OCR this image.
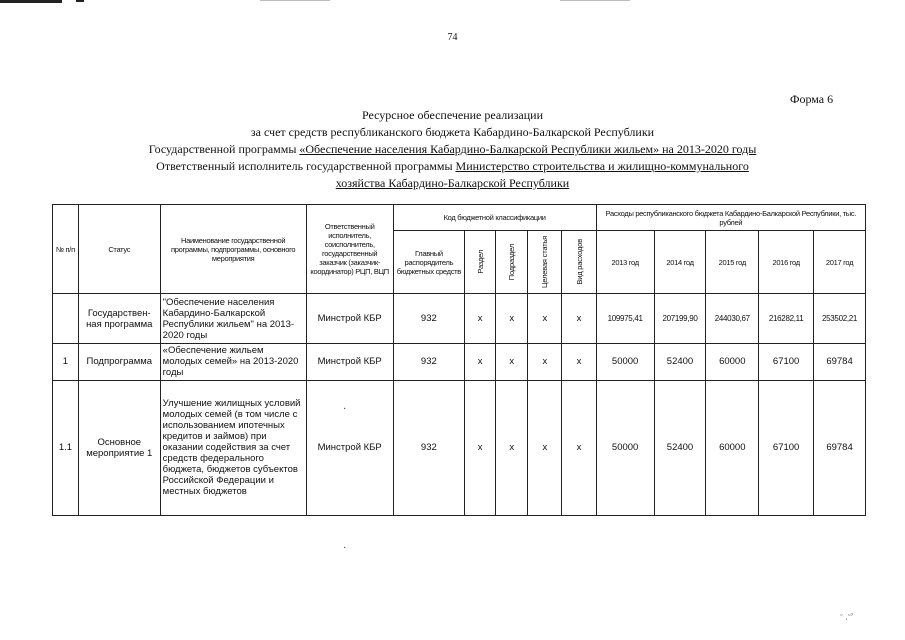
74
Форма 6
Ресурсное обеспечение реализации
за счет средств республиканского бюджета Кабардино-Балкарской Республики
Государственной программы «Обеспечение населения Кабардино-Балкарской Республики жильем» на 2013-2020 годы
Ответственный исполнитель государственной программы Министерство строительства и жилищно-коммунального
хозяйства Кабардино-Балкарской Республики
№ п/п	Статус	Наименование государственной программы, подпрограммы, основного мероприятия	Ответственный исполнитель, соисполнитель, государственный заказчик (заказчик-координатор) РЦП, ВЦП	Код бюджетной классификации					Расходы республиканского бюджета Кабардино-Балкарской Республики, тыс. рублей				
				Главный распорядитель бюджетных средств	Раздел	Подраздел	Целевая статья	Вид расходов	2013 год	2014 год	2015 год	2016 год	2017 год
	Государствен-ная программа	"Обеспечение населения Кабардино-Балкарской Республики жильем" на 2013-2020 годы	Минстрой КБР	932	x	x	x	x	109975,41	207199,90	244030,67	216282,11	253502,21
1	Подпрограмма	«Обеспечение жильем молодых семей» на 2013-2020 годы	Минстрой КБР	932	x	x	x	x	50000	52400	60000	67100	69784
1.1	Основное мероприятие 1	Улучшение жилищных условий молодых семей (в том числе с использованием ипотечных кредитов и займов) при оказании содействия за счет средств федерального бюджета, бюджетов субъектов Российской Федерации и местных бюджетов	Минстрой КБР	932	x	x	x	x	50000	52400	60000	67100	69784
·
·
ᵕ ˌᵕᵓ
